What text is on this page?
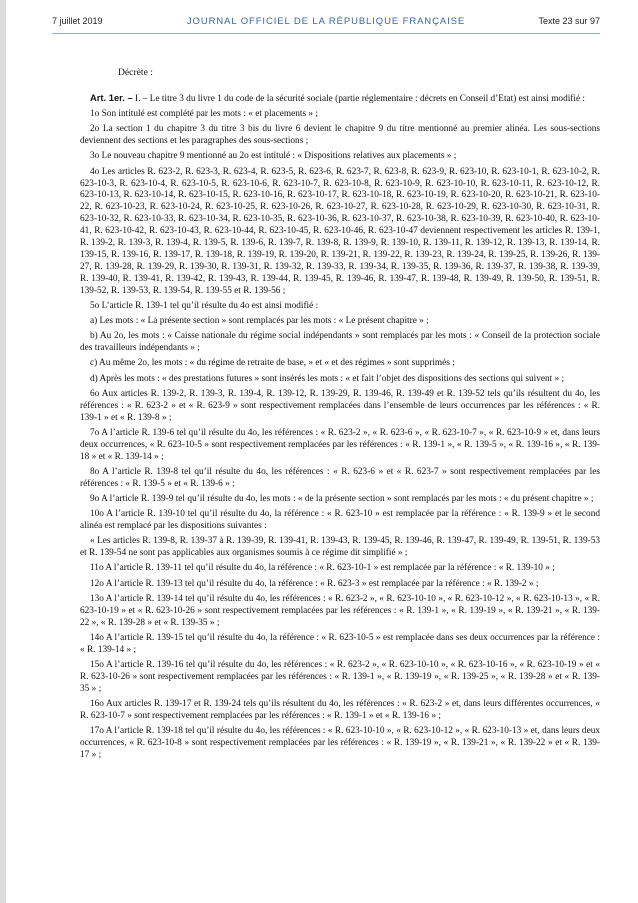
7 juillet 2019	JOURNAL OFFICIEL DE LA RÉPUBLIQUE FRANÇAISE	Texte 23 sur 97

Décrète :

Art. 1er. – I. – Le titre 3 du livre 1 du code de la sécurité sociale (partie réglementaire : décrets en Conseil d’Etat) est ainsi modifié :

1o Son intitulé est complété par les mots : « et placements » ;

2o La section 1 du chapitre 3 du titre 3 bis du livre 6 devient le chapitre 9 du titre mentionné au premier alinéa. Les sous-sections deviennent des sections et les paragraphes des sous-sections ;

3o Le nouveau chapitre 9 mentionné au 2o est intitulé : « Dispositions relatives aux placements » ;

4o Les articles R. 623-2, R. 623-3, R. 623-4, R. 623-5, R. 623-6, R. 623-7, R. 623-8, R. 623-9, R. 623-10, R. 623-10-1, R. 623-10-2, R. 623-10-3, R. 623-10-4, R. 623-10-5, R. 623-10-6, R. 623-10-7, R. 623-10-8, R. 623-10-9, R. 623-10-10, R. 623-10-11, R. 623-10-12, R. 623-10-13, R. 623-10-14, R. 623-10-15, R. 623-10-16, R. 623-10-17, R. 623-10-18, R. 623-10-19, R. 623-10-20, R. 623-10-21, R. 623-10-22, R. 623-10-23, R. 623-10-24, R. 623-10-25, R. 623-10-26, R. 623-10-27, R. 623-10-28, R. 623-10-29, R. 623-10-30, R. 623-10-31, R. 623-10-32, R. 623-10-33, R. 623-10-34, R. 623-10-35, R. 623-10-36, R. 623-10-37, R. 623-10-38, R. 623-10-39, R. 623-10-40, R. 623-10-41, R. 623-10-42, R. 623-10-43, R. 623-10-44, R. 623-10-45, R. 623-10-46, R. 623-10-47 deviennent respectivement les articles R. 139-1, R. 139-2, R. 139-3, R. 139-4, R. 139-5, R. 139-6, R. 139-7, R. 139-8, R. 139-9, R. 139-10, R. 139-11, R. 139-12, R. 139-13, R. 139-14, R. 139-15, R. 139-16, R. 139-17, R. 139-18, R. 139-19, R. 139-20, R. 139-21, R. 139-22, R. 139-23, R. 139-24, R. 139-25, R. 139-26, R. 139-27, R. 139-28, R. 139-29, R. 139-30, R. 139-31, R. 139-32, R. 139-33, R. 139-34, R. 139-35, R. 139-36, R. 139-37, R. 139-38, R. 139-39, R. 139-40, R. 139-41, R. 139-42, R. 139-43, R. 139-44, R. 139-45, R. 139-46, R. 139-47, R. 139-48, R. 139-49, R. 139-50, R. 139-51, R. 139-52, R. 139-53, R. 139-54, R. 139-55 et R. 139-56 ;

5o L’article R. 139-1 tel qu’il résulte du 4o est ainsi modifié :

a) Les mots : « La présente section » sont remplacés par les mots : « Le présent chapitre » ;

b) Au 2o, les mots : « Caisse nationale du régime social indépendants » sont remplacés par les mots : « Conseil de la protection sociale des travailleurs indépendants » ;

c) Au même 2o, les mots : « du régime de retraite de base, » et « et des régimes » sont supprimés ;

d) Après les mots : « des prestations futures » sont insérés les mots : « et fait l’objet des dispositions des sections qui suivent » ;

6o Aux articles R. 139-2, R. 139-3, R. 139-4, R. 139-12, R. 139-29, R. 139-46, R. 139-49 et R. 139-52 tels qu’ils résultent du 4o, les références : « R. 623-2 » et « R. 623-9 » sont respectivement remplacées dans l’ensemble de leurs occurrences par les références : « R. 139-1 » et « R. 139-8 » ;

7o A l’article R. 139-6 tel qu’il résulte du 4o, les références : « R. 623-2 », « R. 623-6 », « R. 623-10-7 », « R. 623-10-9 » et, dans leurs deux occurrences, « R. 623-10-5 » sont respectivement remplacées par les références : « R. 139-1 », « R. 139-5 », « R. 139-16 », « R. 139-18 » et « R. 139-14 » ;

8o A l’article R. 139-8 tel qu’il résulte du 4o, les références : « R. 623-6 » et « R. 623-7 » sont respectivement remplacées par les références : « R. 139-5 » et « R. 139-6 » ;

9o A l’article R. 139-9 tel qu’il résulte du 4o, les mots : « de la présente section » sont remplacés par les mots : « du présent chapitre » ;

10o A l’article R. 139-10 tel qu’il résulte du 4o, la référence : « R. 623-10 » est remplacée par la référence : « R. 139-9 » et le second alinéa est remplacé par les dispositions suivantes :

« Les articles R. 139-8, R. 139-37 à R. 139-39, R. 139-41, R. 139-43, R. 139-45, R. 139-46, R. 139-47, R. 139-49, R. 139-51, R. 139-53 et R. 139-54 ne sont pas applicables aux organismes soumis à ce régime dit simplifié » ;

11o A l’article R. 139-11 tel qu’il résulte du 4o, la référence : « R. 623-10-1 » est remplacée par la référence : « R. 139-10 » ;

12o A l’article R. 139-13 tel qu’il résulte du 4o, la référence : « R. 623-3 » est remplacée par la référence : « R. 139-2 » ;

13o A l’article R. 139-14 tel qu’il résulte du 4o, les références : « R. 623-2 », « R. 623-10-10 », « R. 623-10-12 », « R. 623-10-13 », « R. 623-10-19 » et « R. 623-10-26 » sont respectivement remplacées par les références : « R. 139-1 », « R. 139-19 », « R. 139-21 », « R. 139-22 », « R. 139-28 » et « R. 139-35 » ;

14o A l’article R. 139-15 tel qu’il résulte du 4o, la référence : « R. 623-10-5 » est remplacée dans ses deux occurrences par la référence : « R. 139-14 » ;

15o A l’article R. 139-16 tel qu’il résulte du 4o, les références : « R. 623-2 », « R. 623-10-10 », « R. 623-10-16 », « R. 623-10-19 » et « R. 623-10-26 » sont respectivement remplacées par les références : « R. 139-1 », « R. 139-19 », « R. 139-25 », « R. 139-28 » et « R. 139-35 » ;

16o Aux articles R. 139-17 et R. 139-24 tels qu’ils résultent du 4o, les références : « R. 623-2 » et, dans leurs différentes occurrences, « R. 623-10-7 » sont respectivement remplacées par les références : « R. 139-1 » et « R. 139-16 » ;

17o A l’article R. 139-18 tel qu’il résulte du 4o, les références : « R. 623-10-10 », « R. 623-10-12 », « R. 623-10-13 » et, dans leurs deux occurrences, « R. 623-10-8 » sont respectivement remplacées par les références : « R. 139-19 », « R. 139-21 », « R. 139-22 » et « R. 139-17 » ;
